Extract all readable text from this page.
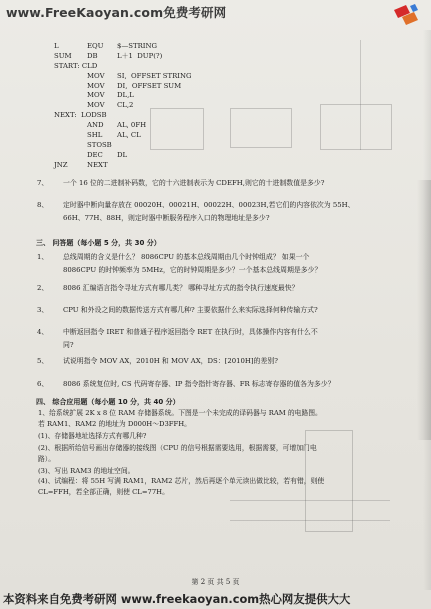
www.FreeKaoyan.com免费考研网
L	EQU $—STRING
SUM DB	L＋1  DUP(?)
START: CLD
MOV SI,  OFFSET STRING
MOV DI,  OFFSET SUM
MOV DL,L
MOV CL,2
NEXT:  LODSB
AND AL, 0FH
SHL AL, CL
STOSB
DEC DL
JNZ	NEXT
7、 一个 16 位的二进制补码数，它的十六进制表示为 CDEFH,则它的十进制数值是多少?
8、 定时器中断向量存放在 00020H、00021H、00022H、00023H,若它们的内容依次为 55H、
66H、77H、88H，则定时器中断服务程序入口的物理地址是多少?
三、 问答题（每小题 5 分，共 30 分）
1、 总线周期的含义是什么？ 8086CPU 的基本总线周期由几个时钟组成？ 如果一个
8086CPU 的时钟频率为 5MHz，它的时钟周期是多少？一个基本总线周期是多少？
2、 8086 汇编语言指令寻址方式有哪几类？ 哪种寻址方式的指令执行速度最快？
3、 CPU 和外设之间的数据传送方式有哪几种? 主要依据什么来实际选择何种传输方式?
4、 中断返回指令 IRET 和普通子程序返回指令 RET 在执行时，具体操作内容有什么不
同?
5、 试说明指令 MOV AX，2010H 和 MOV AX，DS：[2010H]的差别?
6、 8086 系统复位时, CS 代码寄存器、IP 指令指针寄存器、FR 标志寄存器的值各为多少？
四、 综合应用题（每小题 10 分，共 40 分）
1、给系统扩展 2K x 8 位 RAM 存储器系统。下图是一个未完成的译码器与 RAM 的电路图。
若 RAM1、RAM2 的地址为 D000H～D3FFH。
(1)、存储器地址选择方式有哪几种?
(2)、根据所给信号画出存储器的接线图（CPU 的信号根据需要选用，根据需要，可增加门电
路）。
(3)、写出 RAM3 的地址空间。
(4)、试编程：将 55H 写满 RAM1，RAM2 芯片，然后再逐个单元读出做比较，若有错，则使
CL=FFH，若全部正确，则使 CL=77H。
第 2 页 共 5 页
本资料来自免费考研网 www.freekaoyan.com热心网友提供大大
